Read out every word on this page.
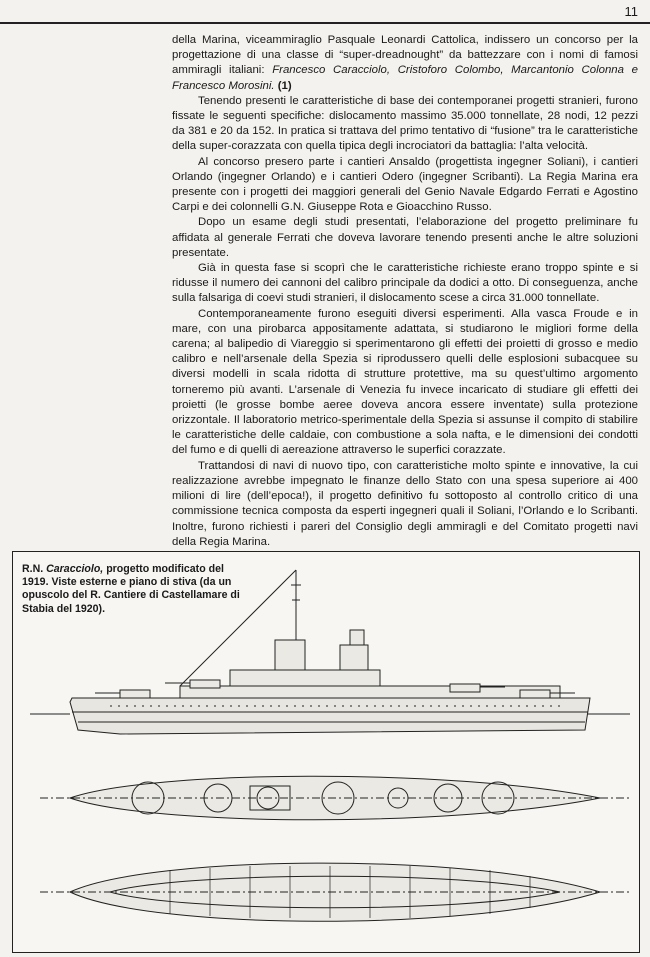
11

della Marina, viceammiraglio Pasquale Leonardi Cattolica, indissero un concorso per la progettazione di una classe di “super-dreadnought” da battezzare con i nomi di famosi ammiragli italiani: Francesco Caracciolo, Cristoforo Colombo, Marcantonio Colonna e Francesco Morosini. (1)

Tenendo presenti le caratteristiche di base dei contemporanei progetti stranieri, furono fissate le seguenti specifiche: dislocamento massimo 35.000 tonnellate, 28 nodi, 12 pezzi da 381 e 20 da 152. In pratica si trattava del primo tentativo di “fusione” tra le caratteristiche della super-corazzata con quella tipica degli incrociatori da battaglia: l’alta velocità.

Al concorso presero parte i cantieri Ansaldo (progettista ingegner Soliani), i cantieri Orlando (ingegner Orlando) e i cantieri Odero (ingegner Scribanti). La Regia Marina era presente con i progetti dei maggiori generali del Genio Navale Edgardo Ferrati e Agostino Carpi e dei colonnelli G.N. Giuseppe Rota e Gioacchino Russo.

Dopo un esame degli studi presentati, l’elaborazione del progetto preliminare fu affidata al generale Ferrati che doveva lavorare tenendo presenti anche le altre soluzioni presentate.

Già in questa fase si scoprì che le caratteristiche richieste erano troppo spinte e si ridusse il numero dei cannoni del calibro principale da dodici a otto. Di conseguenza, anche sulla falsariga di coevi studi stranieri, il dislocamento scese a circa 31.000 tonnellate.

Contemporaneamente furono eseguiti diversi esperimenti. Alla vasca Froude e in mare, con una pirobarca appositamente adattata, si studiarono le migliori forme della carena; al balipedio di Viareggio si sperimentarono gli effetti dei proietti di grosso e medio calibro e nell’arsenale della Spezia si riprodussero quelli delle esplosioni subacquee su diversi modelli in scala ridotta di strutture protettive, ma su quest’ultimo argomento torneremo più avanti. L’arsenale di Venezia fu invece incaricato di studiare gli effetti dei proietti (le grosse bombe aeree doveva ancora essere inventate) sulla protezione orizzontale. Il laboratorio metrico-sperimentale della Spezia si assunse il compito di stabilire le caratteristiche delle caldaie, con combustione a sola nafta, e le dimensioni dei condotti del fumo e di quelli di aereazione attraverso le superfici corazzate.

Trattandosi di navi di nuovo tipo, con caratteristiche molto spinte e innovative, la cui realizzazione avrebbe impegnato le finanze dello Stato con una spesa superiore ai 400 milioni di lire (dell’epoca!), il progetto definitivo fu sottoposto al controllo critico di una commissione tecnica composta da esperti ingegneri quali il Soliani, l’Orlando e lo Scribanti. Inoltre, furono richiesti i pareri del Consiglio degli ammiragli e del Comitato progetti navi della Regia Marina.

R.N. Caracciolo, progetto modificato del 1919. Viste esterne e piano di stiva (da un opuscolo del R. Cantiere di Castellamare di Stabia del 1920).
